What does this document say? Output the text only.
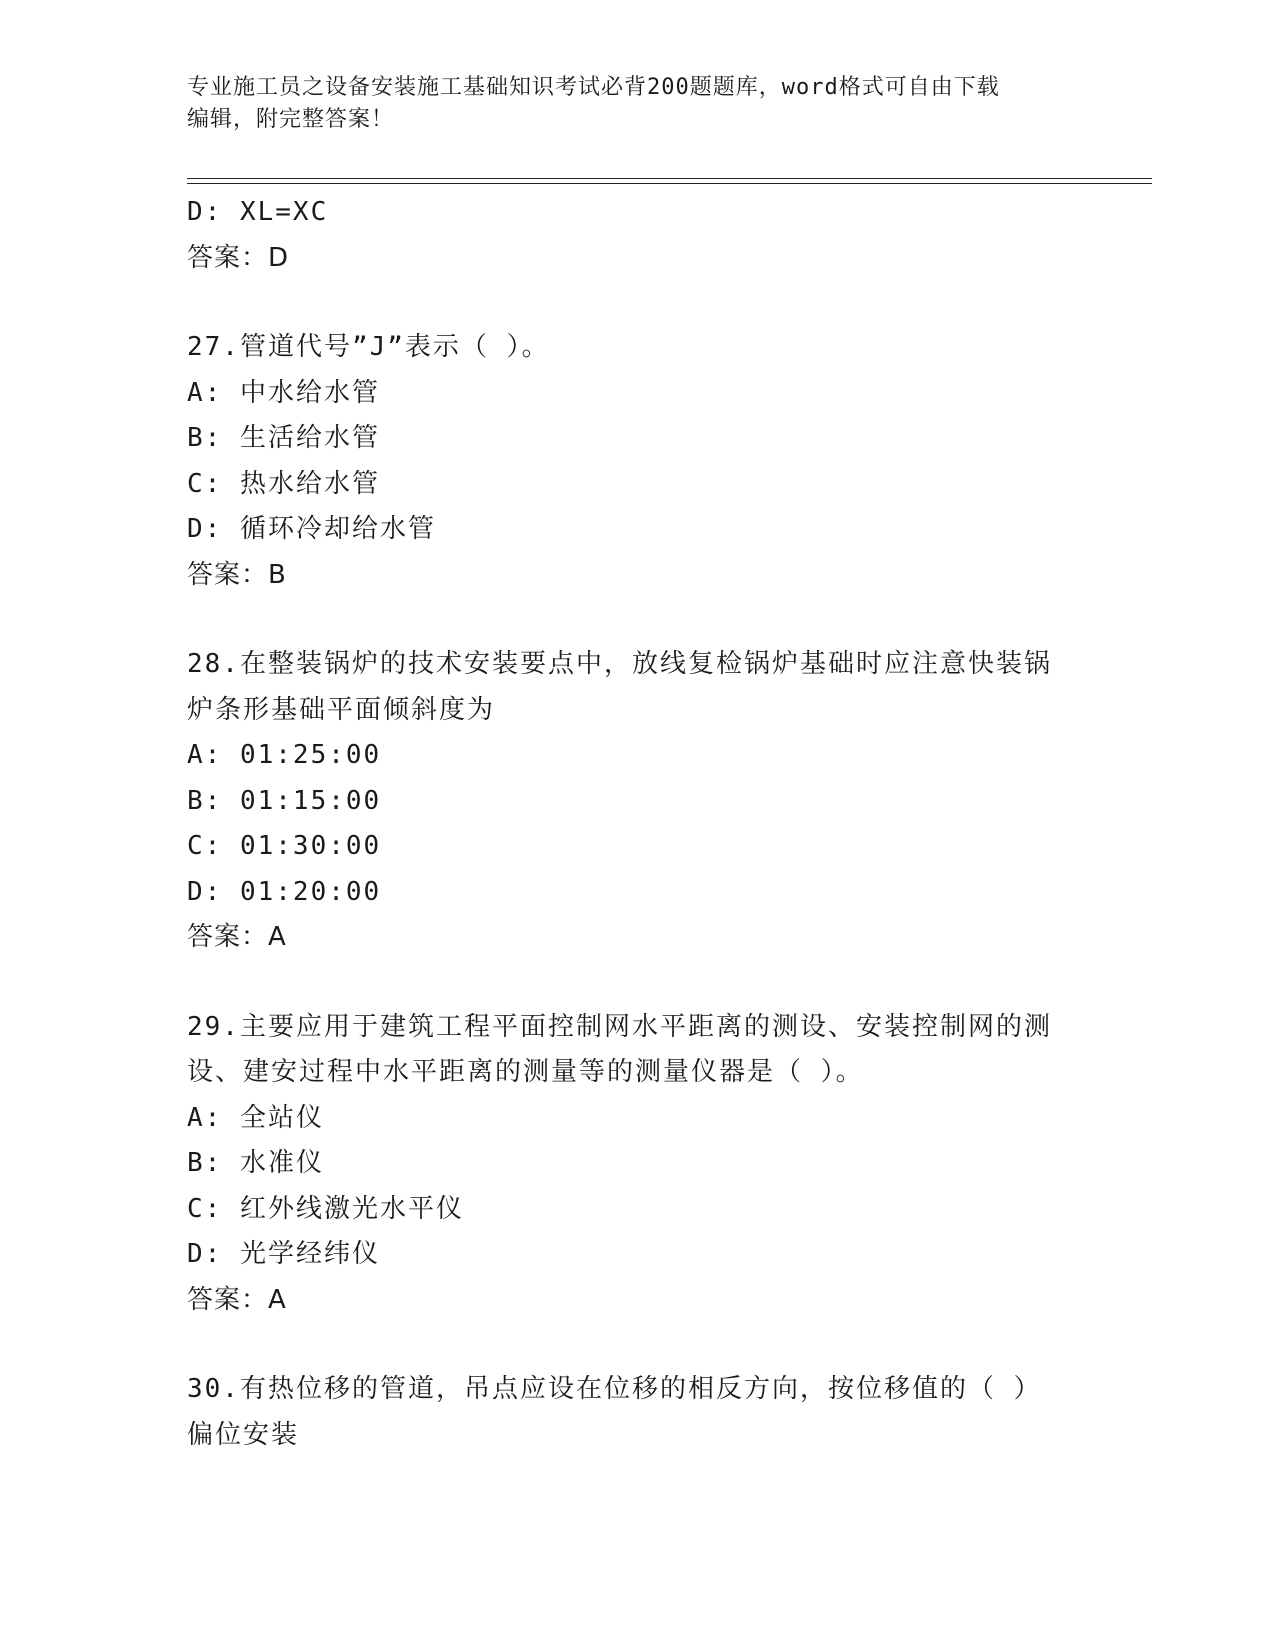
专业施工员之设备安装施工基础知识考试必背200题题库，word格式可自由下载
编辑，附完整答案！
D: XL=XC
答案：D
27.管道代号”J”表示（ ）。
A: 中水给水管
B: 生活给水管
C: 热水给水管
D: 循环冷却给水管
答案：B
28.在整装锅炉的技术安装要点中，放线复检锅炉基础时应注意快装锅
炉条形基础平面倾斜度为
A: 01:25:00
B: 01:15:00
C: 01:30:00
D: 01:20:00
答案：A
29.主要应用于建筑工程平面控制网水平距离的测设、安装控制网的测
设、建安过程中水平距离的测量等的测量仪器是（ ）。
A: 全站仪
B: 水准仪
C: 红外线激光水平仪
D: 光学经纬仪
答案：A
30.有热位移的管道，吊点应设在位移的相反方向，按位移值的（ ）
偏位安装
